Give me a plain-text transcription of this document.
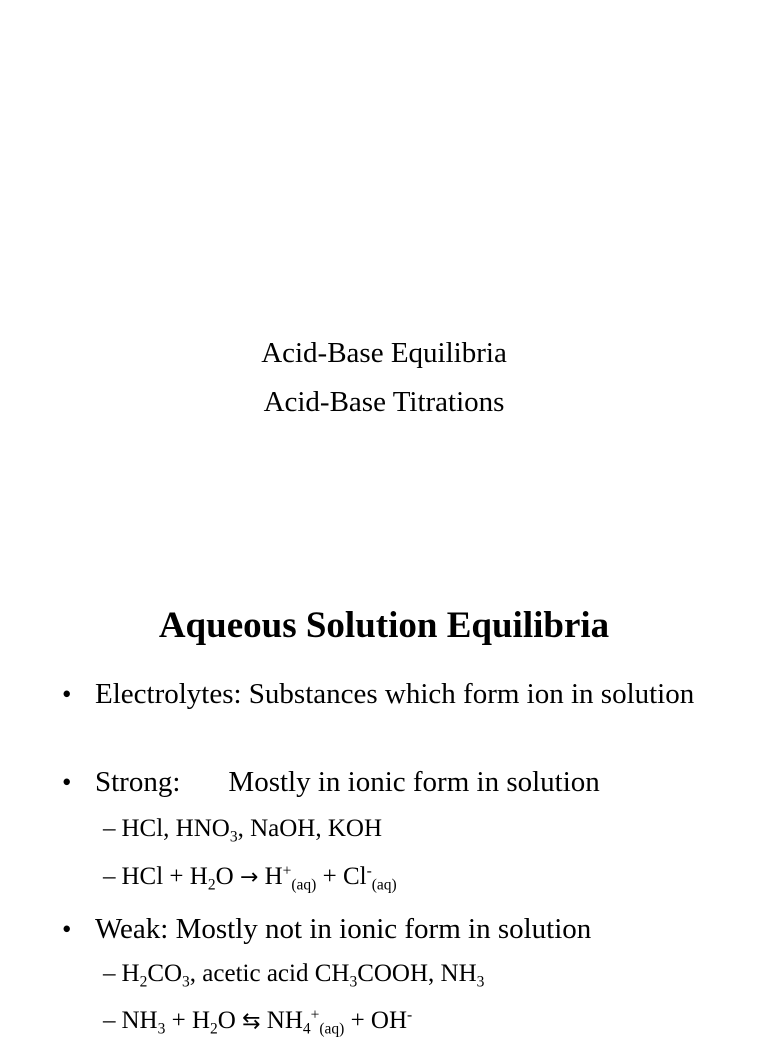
Acid-Base Equilibria
Acid-Base Titrations
Aqueous Solution Equilibria
• Electrolytes: Substances which form ion in solution
• Strong: Mostly in ionic form in solution
– HCl, $HNO_3$, NaOH, KOH
– HCl + $H_2O \to H^+_{(aq)} + Cl^-_{(aq)}$
• Weak: Mostly not in ionic form in solution
– $H_2CO_3$, acetic acid $CH_3COOH$, $NH_3$
– $NH_3 + H_2O$ ⇆ $NH_4^+_{(aq)} + OH^-$
